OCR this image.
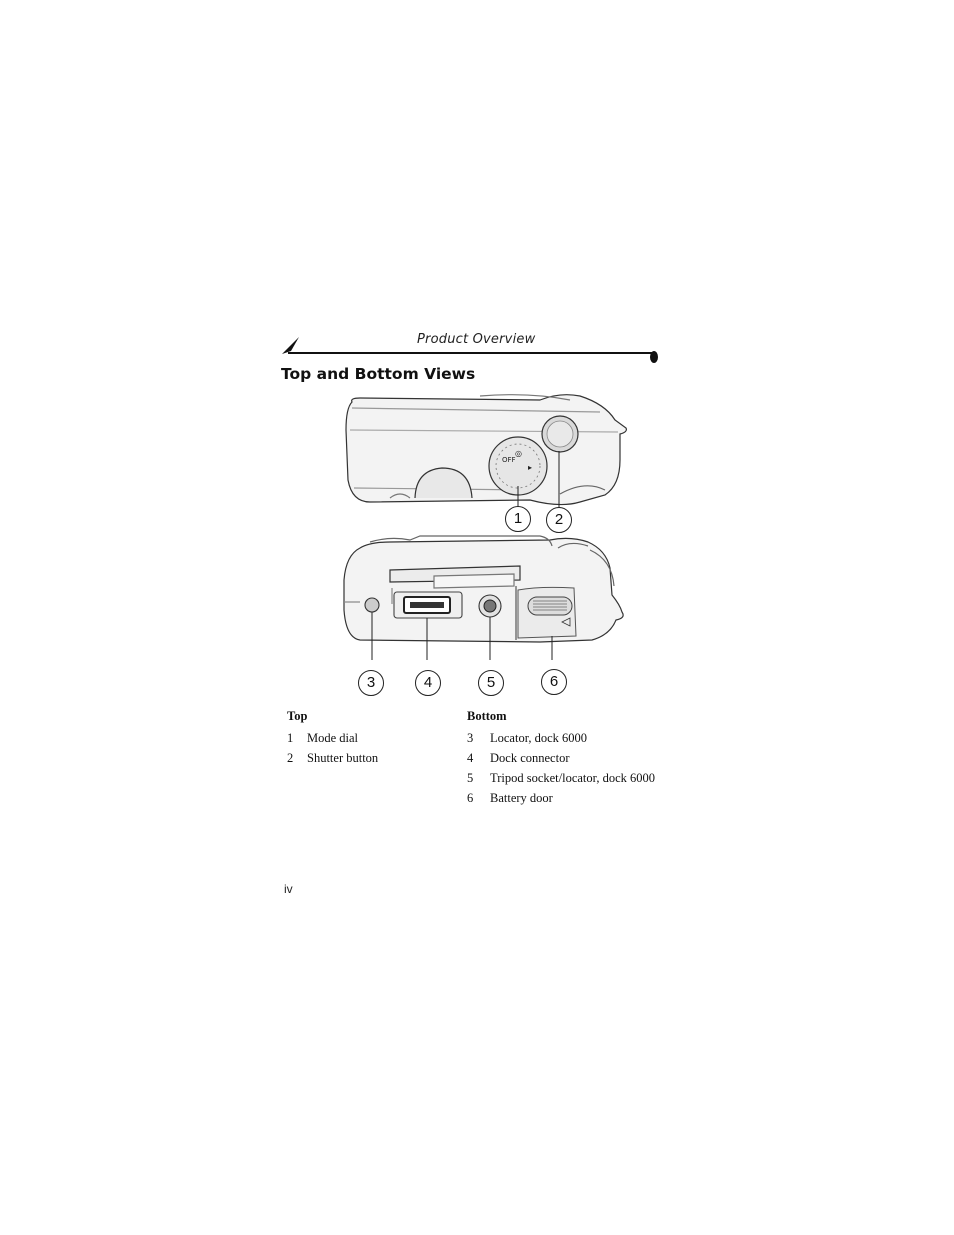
Product Overview
Top and Bottom Views
OFF
◎
▸
1	2
3	4	5	6
Top
1	Mode dial
2	Shutter button
Bottom
3	Locator, dock 6000
4	Dock connector
5	Tripod socket/locator, dock 6000
6	Battery door
iv
